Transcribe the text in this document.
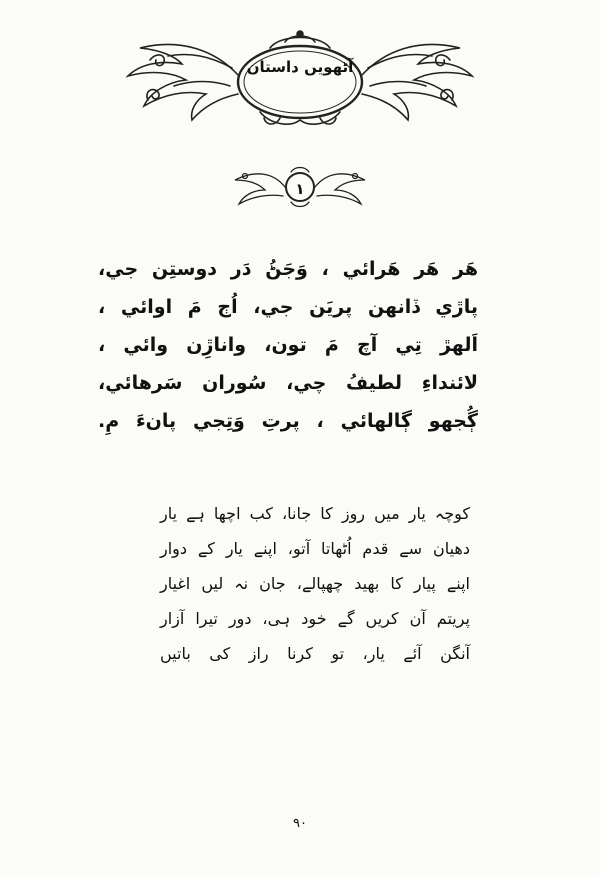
آٹھویں داستان
۱
هَر هَر هَرائي ، وَجَڻُ دَر دوستِن جي،
پاڙي ڏانهن پريَن جي، اُڄ مَ اوائي ،
اَلهڙ تِي آچ مَ تون، واناڙِن وائي ،
لائنداءِ لطيفُ چي، سُوران سَرهائي،
ڳُجهو ڳالهائي ، پرتِ وَتِجي پانءَ مِ.
کوچہ یار میں روز کا جانا، کب اچھا ہے یار
دھیان سے قدم اُٹھاتا آتو، اپنے یار کے دوار
اپنے پیار کا بھید چھپالے، جان نہ لیں اغیار
پریتم آن کریں گے خود ہی، دور تیرا آزار
آنگن آئے یار، تو کرنا راز کی باتیں
۹۰
